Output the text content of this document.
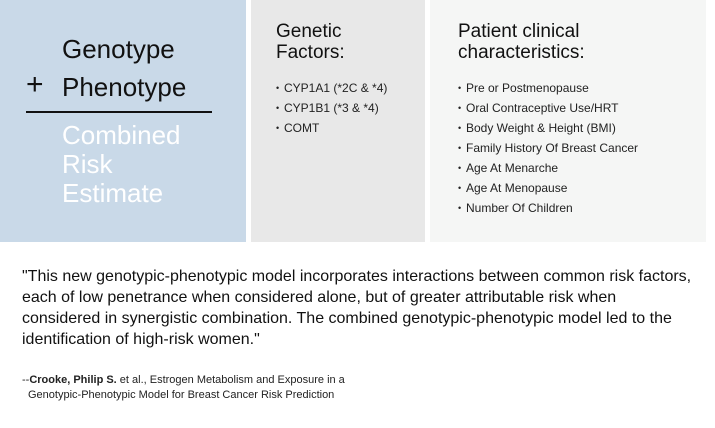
Genotype
+ Phenotype
Combined
Risk
Estimate
Genetic
Factors:
• CYP1A1 (*2C & *4)
• CYP1B1 (*3 & *4)
• COMT
Patient clinical
characteristics:
• Pre or Postmenopause
• Oral Contraceptive Use/HRT
• Body Weight & Height (BMI)
• Family History Of Breast Cancer
• Age At Menarche
• Age At Menopause
• Number Of Children

"This new genotypic-phenotypic model incorporates interactions between common risk factors, each of low penetrance when considered alone, but of greater attributable risk when considered in synergistic combination. The combined genotypic-phenotypic model led to the identification of high-risk women."

--Crooke, Philip S. et al., Estrogen Metabolism and Exposure in a
Genotypic-Phenotypic Model for Breast Cancer Risk Prediction
